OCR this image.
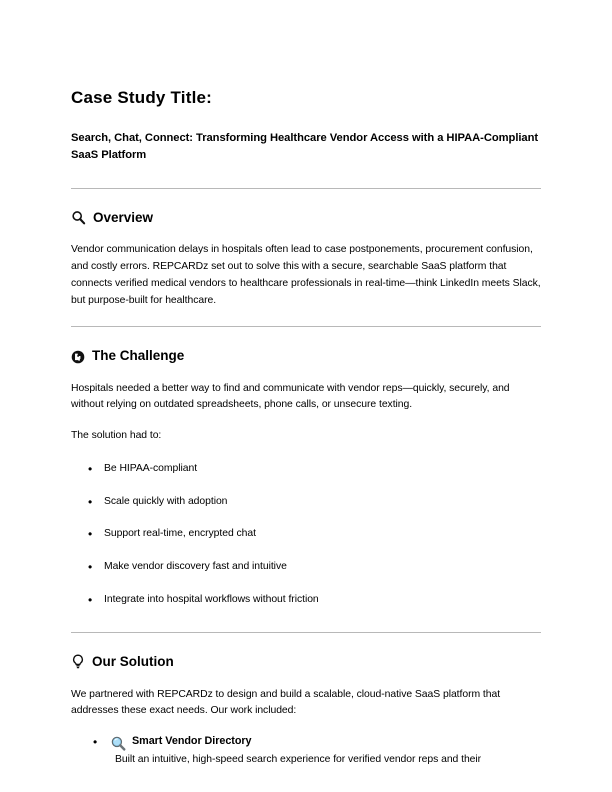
Case Study Title:
Search, Chat, Connect: Transforming Healthcare Vendor Access with a HIPAA-Compliant SaaS Platform
Overview

Vendor communication delays in hospitals often lead to case postponements, procurement confusion, and costly errors. REPCARDz set out to solve this with a secure, searchable SaaS platform that connects verified medical vendors to healthcare professionals in real-time—think LinkedIn meets Slack, but purpose-built for healthcare.

The Challenge

Hospitals needed a better way to find and communicate with vendor reps—quickly, securely, and without relying on outdated spreadsheets, phone calls, or unsecure texting.

The solution had to:

• Be HIPAA-compliant
• Scale quickly with adoption
• Support real-time, encrypted chat
• Make vendor discovery fast and intuitive
• Integrate into hospital workflows without friction
Our Solution

We partnered with REPCARDz to design and build a scalable, cloud-native SaaS platform that addresses these exact needs. Our work included:

• Smart Vendor Directory
Built an intuitive, high-speed search experience for verified vendor reps and their
